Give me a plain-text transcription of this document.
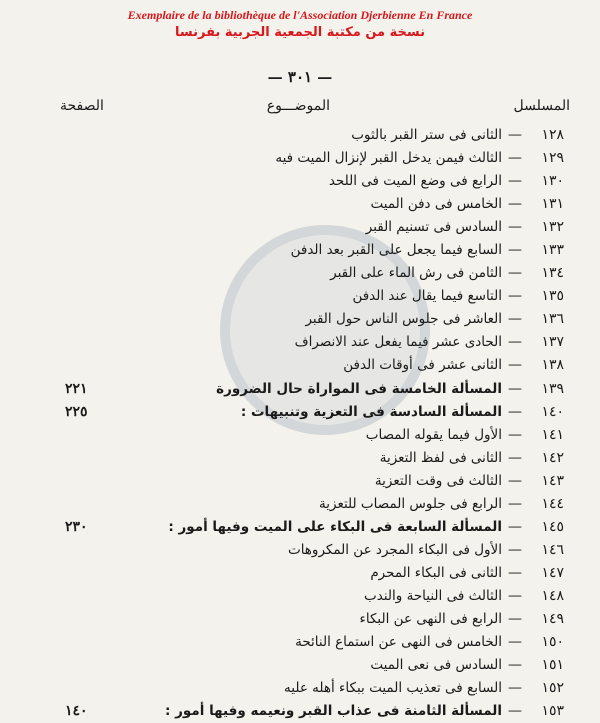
Exemplaire de la bibliothèque de l'Association Djerbienne En France
نسخة من مكتبة الجمعية الجربية بفرنسا
— ٣٠١ —
المسلسل
الموضـــوع
الصفحة
١٢٨
—
الثانى فى ستر القبر بالثوب
١٢٩
—
الثالث فيمن يدخل القبر لإنزال الميت فيه
١٣٠
—
الرابع فى وضع الميت فى اللحد
١٣١
—
الخامس فى دفن الميت
١٣٢
—
السادس فى تسنيم القبر
١٣٣
—
السابع فيما يجعل على القبر بعد الدفن
١٣٤
—
الثامن فى رش الماء على القبر
١٣٥
—
التاسع فيما يقال عند الدفن
١٣٦
—
العاشر فى جلوس الناس حول القبر
١٣٧
—
الحادى عشر فيما يفعل عند الانصراف
١٣٨
—
الثانى عشر فى أوقات الدفن
١٣٩
—
المسألة الخامسة فى المواراة حال الضرورة
٢٢١
١٤٠
—
المسألة السادسة فى التعزية وتنبيهات :
٢٢٥
١٤١
—
الأول فيما يقوله المصاب
١٤٢
—
الثانى فى لفظ التعزية
١٤٣
—
الثالث فى وقت التعزية
١٤٤
—
الرابع فى جلوس المصاب للتعزية
١٤٥
—
المسألة السابعة فى البكاء على الميت وفيها أمور :
٢٣٠
١٤٦
—
الأول فى البكاء المجرد عن المكروهات
١٤٧
—
الثانى فى البكاء المحرم
١٤٨
—
الثالث فى النياحة والندب
١٤٩
—
الرابع فى النهى عن البكاء
١٥٠
—
الخامس فى النهى عن استماع النائحة
١٥١
—
السادس فى نعى الميت
١٥٢
—
السابع فى تعذيب الميت ببكاء أهله عليه
١٥٣
—
المسألة الثامنة فى عذاب القبر ونعيمه وفيها أمور :
١٤٠
